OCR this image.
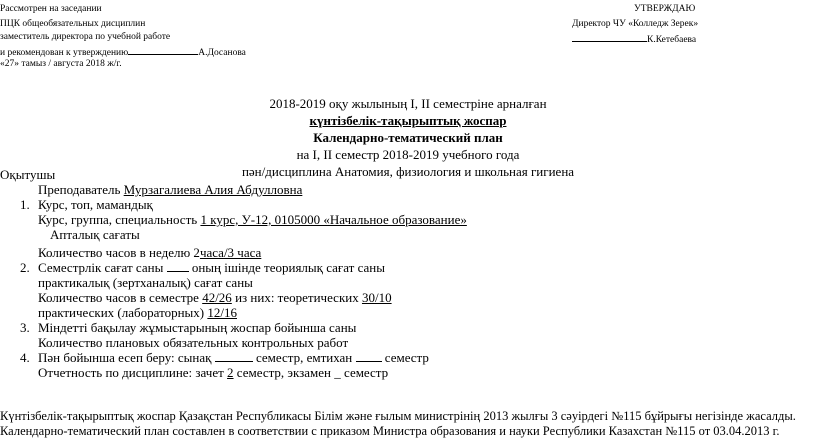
Рассмотрен на заседании
ПЦК общеобязательных дисциплин
заместитель директора по учебной работе
и рекомендован к утверждению	А.Досанова
«27» тамыз / августа 2018 ж/г.
УТВЕРЖДАЮ
Директор ЧУ «Колледж Зерек»
К.Кетебаева
2018-2019 оқу жылының І, ІІ семестріне арналған
күнтізбелік-тақырыптық жоспар
Календарно-тематический план
на І, ІІ семестр 2018-2019 учебного года
пән/дисциплина Анатомия, физиология и школьная гигиена
Оқытушы
Преподаватель Мурзагалиева Алия Абдулловна
1. Курс, топ, мамандық
Курс, группа, специальность 1 курс, У-12, 0105000 «Начальное образование»
Апталық сағаты
Количество часов в неделю 2часа/3 часа
2. Семестрлік сағат саны оның ішінде теориялық сағат саны
практикалық (зертханалық) сағат саны
Количество часов в семестре 42/26 из них: теоретических 30/10
практических (лабораторных) 12/16
3. Міндетті бақылау жұмыстарының жоспар бойынша саны
Количество плановых обязательных контрольных работ
4. Пән бойынша есеп беру: сынақ	семестр, емтихан	семестр
Отчетность по дисциплине: зачет 2 семестр, экзамен _ семестр
Күнтізбелік-тақырыптық жоспар Қазақстан Республикасы Білім және ғылым министрінің 2013 жылғы 3 сәуірдегі №115 бұйрығы негізінде жасалды.
Календарно-тематический план составлен в соответствии с приказом Министра образования и науки Республики Казахстан №115 от 03.04.2013 г.
